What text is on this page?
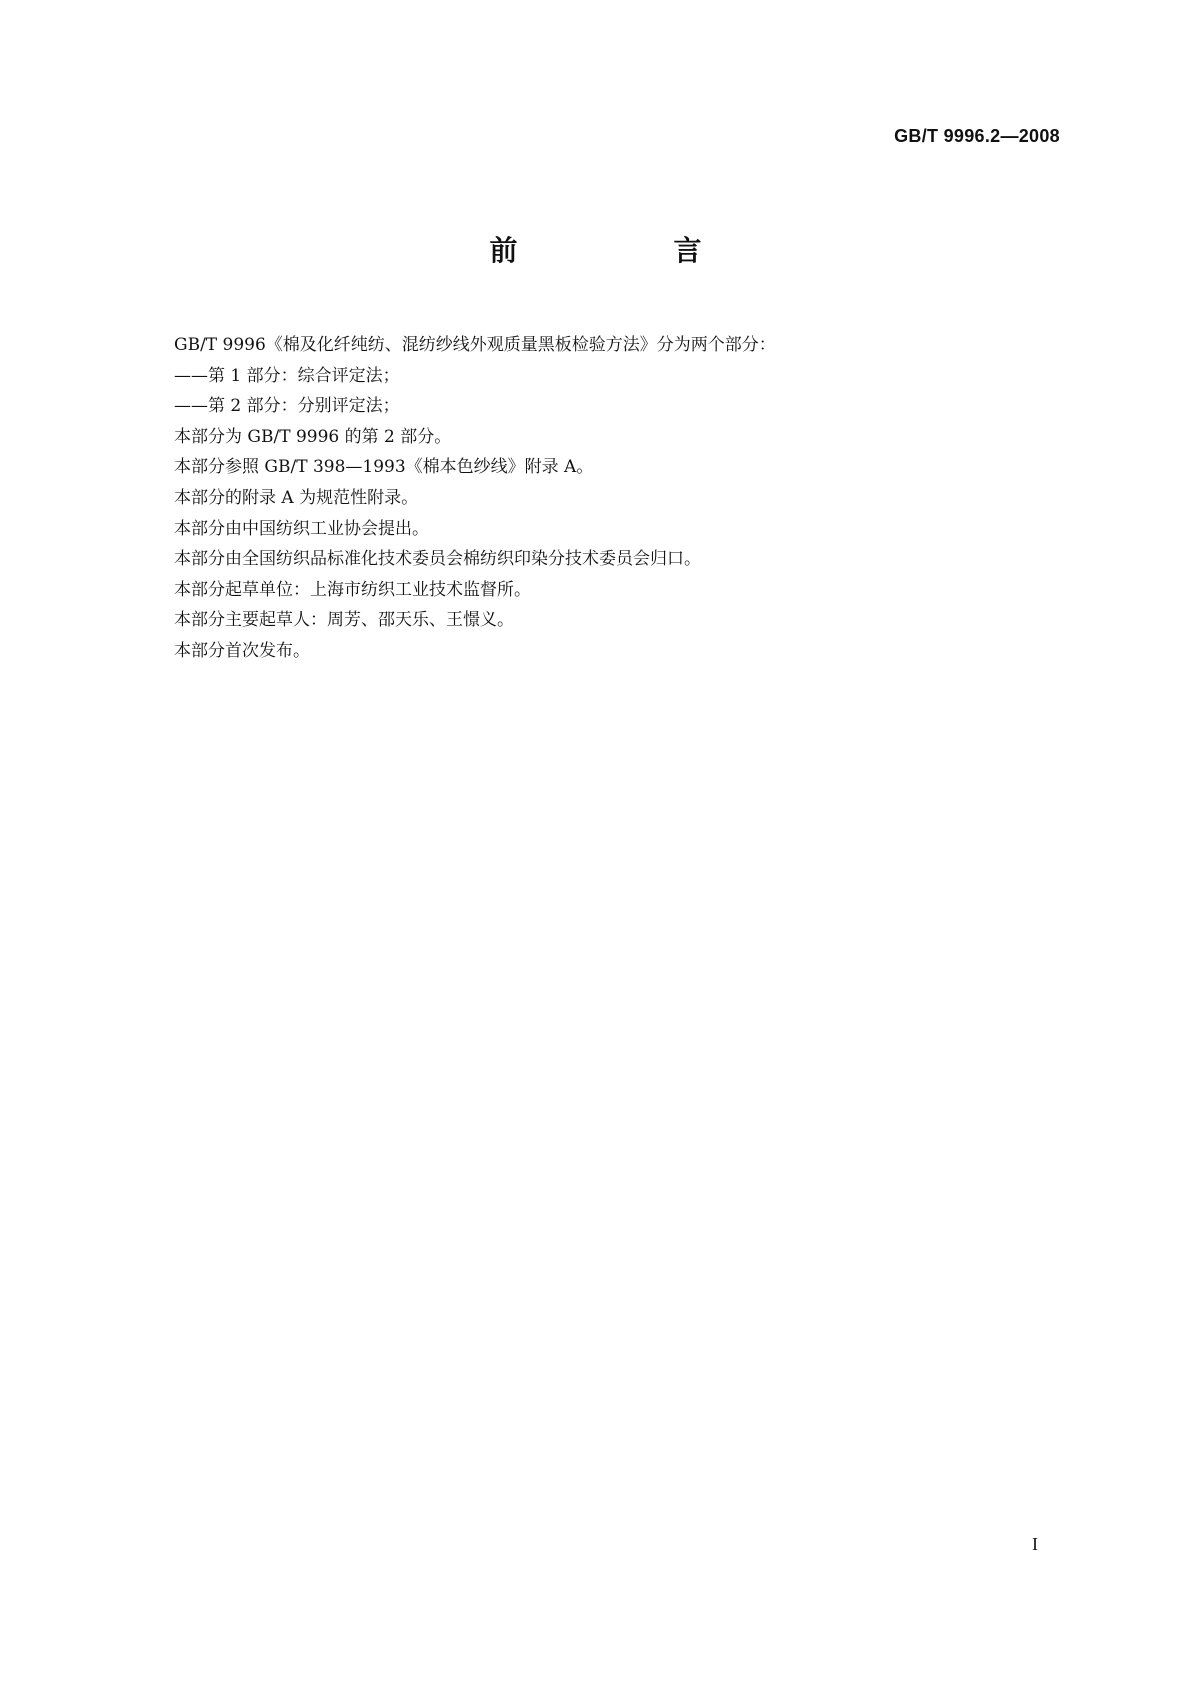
GB/T 9996.2—2008
前　言

GB/T 9996《棉及化纤纯纺、混纺纱线外观质量黑板检验方法》分为两个部分：

——第 1 部分：综合评定法；

——第 2 部分：分别评定法；

本部分为 GB/T 9996 的第 2 部分。

本部分参照 GB/T 398—1993《棉本色纱线》附录 A。

本部分的附录 A 为规范性附录。

本部分由中国纺织工业协会提出。

本部分由全国纺织品标准化技术委员会棉纺织印染分技术委员会归口。

本部分起草单位：上海市纺织工业技术监督所。

本部分主要起草人：周芳、邵天乐、王憬义。

本部分首次发布。

I
